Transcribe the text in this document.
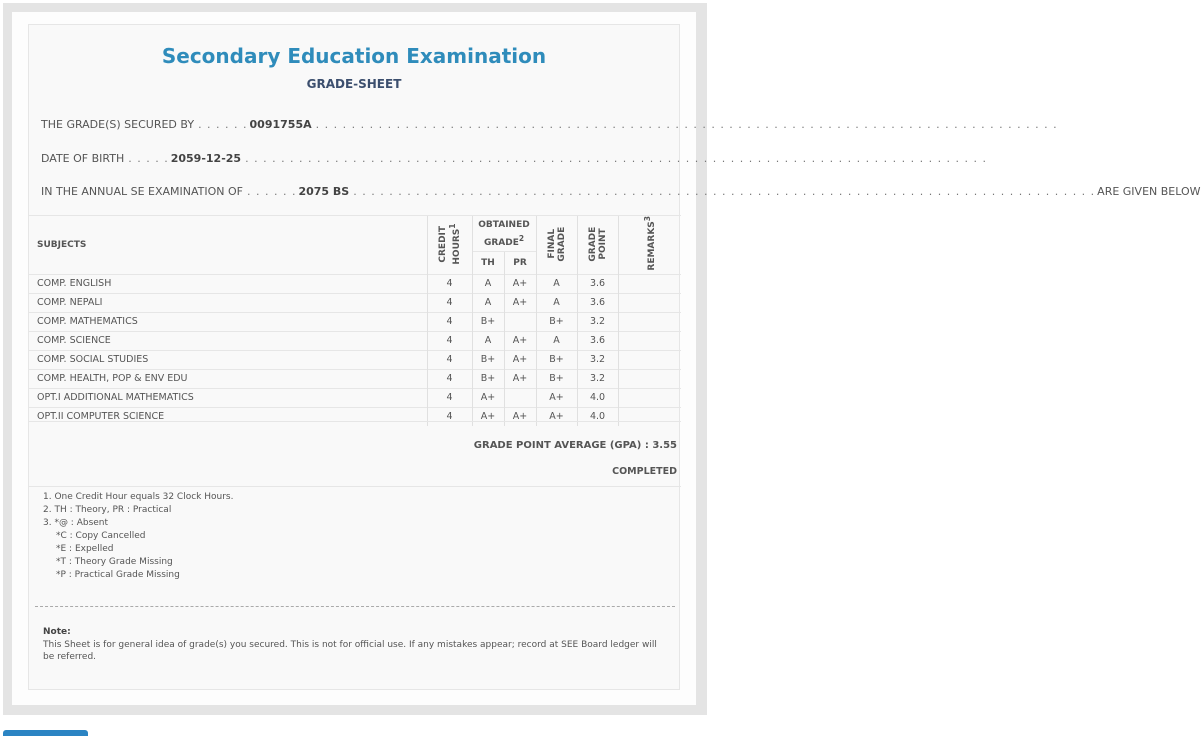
Secondary Education Examination
GRADE-SHEET
THE GRADE(S) SECURED BY . . . . . . 0091755A . . . . . . . . . . . . . . . . . . . . . . . . . . . . . . . . . . . . . . . . . . . . . . . . . . . . . . . . . . . . . . . . . . . . . . . . . . . . . . . . . . .
DATE OF BIRTH . . . . . 2059-12-25 . . . . . . . . . . . . . . . . . . . . . . . . . . . . . . . . . . . . . . . . . . . . . . . . . . . . . . . . . . . . . . . . . . . . . . . . . . . . . . . . . . .
IN THE ANNUAL SE EXAMINATION OF . . . . . . 2075 BS . . . . . . . . . . . . . . . . . . . . . . . . . . . . . . . . . . . . . . . . . . . . . . . . . . . . . . . . . . . . . . . . . . . . . . . . . . . . . . . . . . . ARE GIVEN BELOW
SUBJECTS	CREDIT HOURS$^1$	OBTAINED GRADE$^2$		FINAL GRADE	GRADE POINT	REMARKS$^3$
		TH	PR			
COMP. ENGLISH	4	A	A+	A	3.6	
COMP. NEPALI	4	A	A+	A	3.6	
COMP. MATHEMATICS	4	B+		B+	3.2	
COMP. SCIENCE	4	A	A+	A	3.6	
COMP. SOCIAL STUDIES	4	B+	A+	B+	3.2	
COMP. HEALTH, POP & ENV EDU	4	B+	A+	B+	3.2	
OPT.I ADDITIONAL MATHEMATICS	4	A+		A+	4.0	
OPT.II COMPUTER SCIENCE	4	A+	A+	A+	4.0	
GRADE POINT AVERAGE (GPA) : 3.55
COMPLETED
1. One Credit Hour equals 32 Clock Hours.
2. TH : Theory, PR : Practical
3. *@ : Absent
*C : Copy Cancelled
*E : Expelled
*T : Theory Grade Missing
*P : Practical Grade Missing
Note:
This Sheet is for general idea of grade(s) you secured. This is not for official use. If any mistakes appear; record at SEE Board ledger will be referred.
